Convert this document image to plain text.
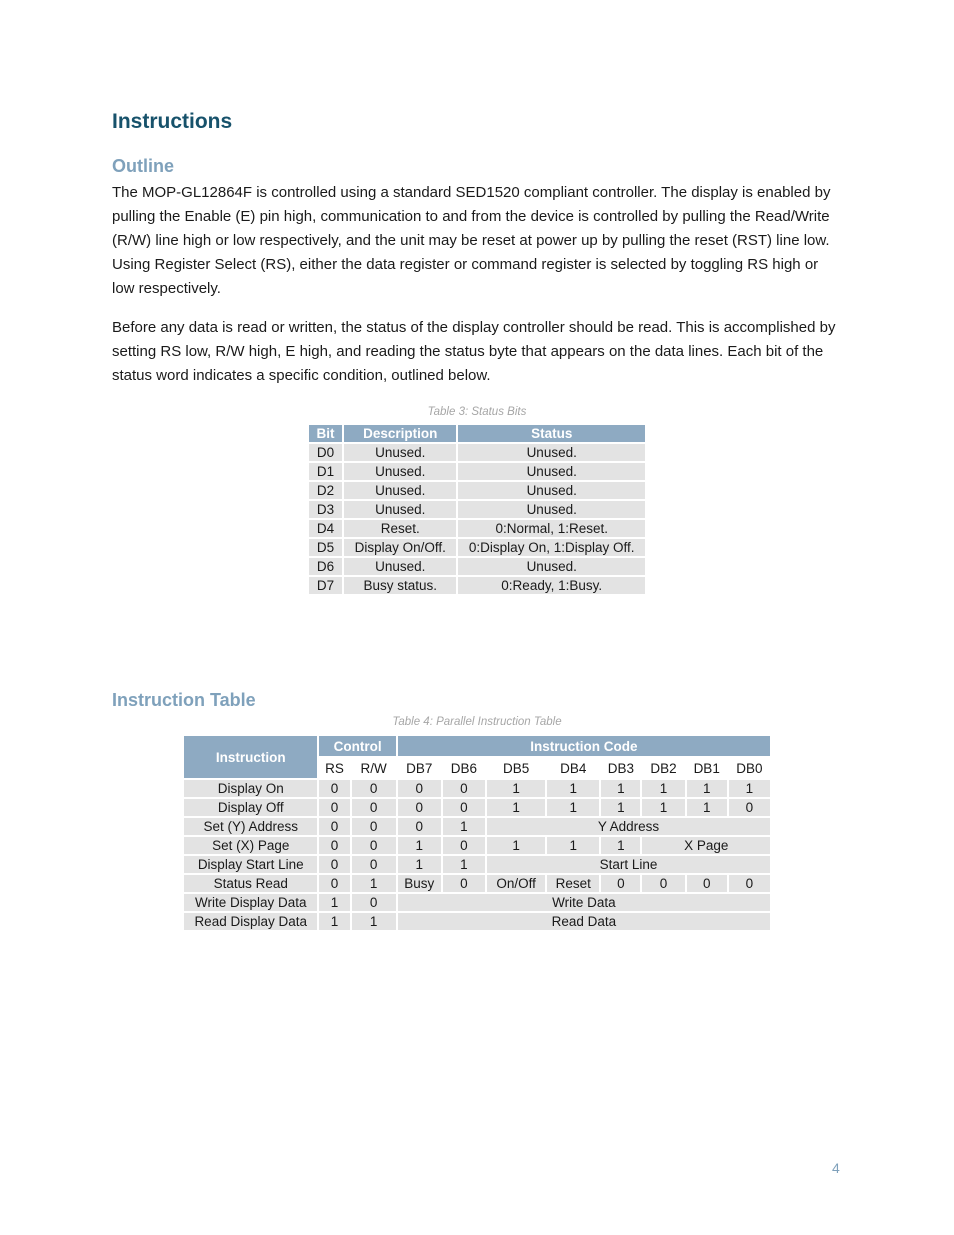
Instructions
Outline

The MOP-GL12864F is controlled using a standard SED1520 compliant controller. The display is enabled by pulling the Enable (E) pin high, communication to and from the device is controlled by pulling the Read/Write (R/W) line high or low respectively, and the unit may be reset at power up by pulling the reset (RST) line low. Using Register Select (RS), either the data register or command register is selected by toggling RS high or low respectively.

Before any data is read or written, the status of the display controller should be read. This is accomplished by setting RS low, R/W high, E high, and reading the status byte that appears on the data lines. Each bit of the status word indicates a specific condition, outlined below.

Table 3: Status Bits
Bit	Description	Status
D0	Unused.	Unused.
D1	Unused.	Unused.
D2	Unused.	Unused.
D3	Unused.	Unused.
D4	Reset.	0:Normal, 1:Reset.
D5	Display On/Off.	0:Display On, 1:Display Off.
D6	Unused.	Unused.
D7	Busy status.	0:Ready, 1:Busy.
Instruction Table
Table 4: Parallel Instruction Table
Instruction	Control		Instruction Code							
	RS	R/W	DB7	DB6	DB5	DB4	DB3	DB2	DB1	DB0
Display On	0	0	0	0	1	1	1	1	1	1
Display Off	0	0	0	0	1	1	1	1	1	0
Set (Y) Address	0	0	0	1	Y Address					
Set (X) Page	0	0	1	0	1	1	1	X Page		
Display Start Line	0	0	1	1	Start Line					
Status Read	0	1	Busy	0	On/Off	Reset	0	0	0	0
Write Display Data	1	0	Write Data							
Read Display Data	1	1	Read Data							
4
